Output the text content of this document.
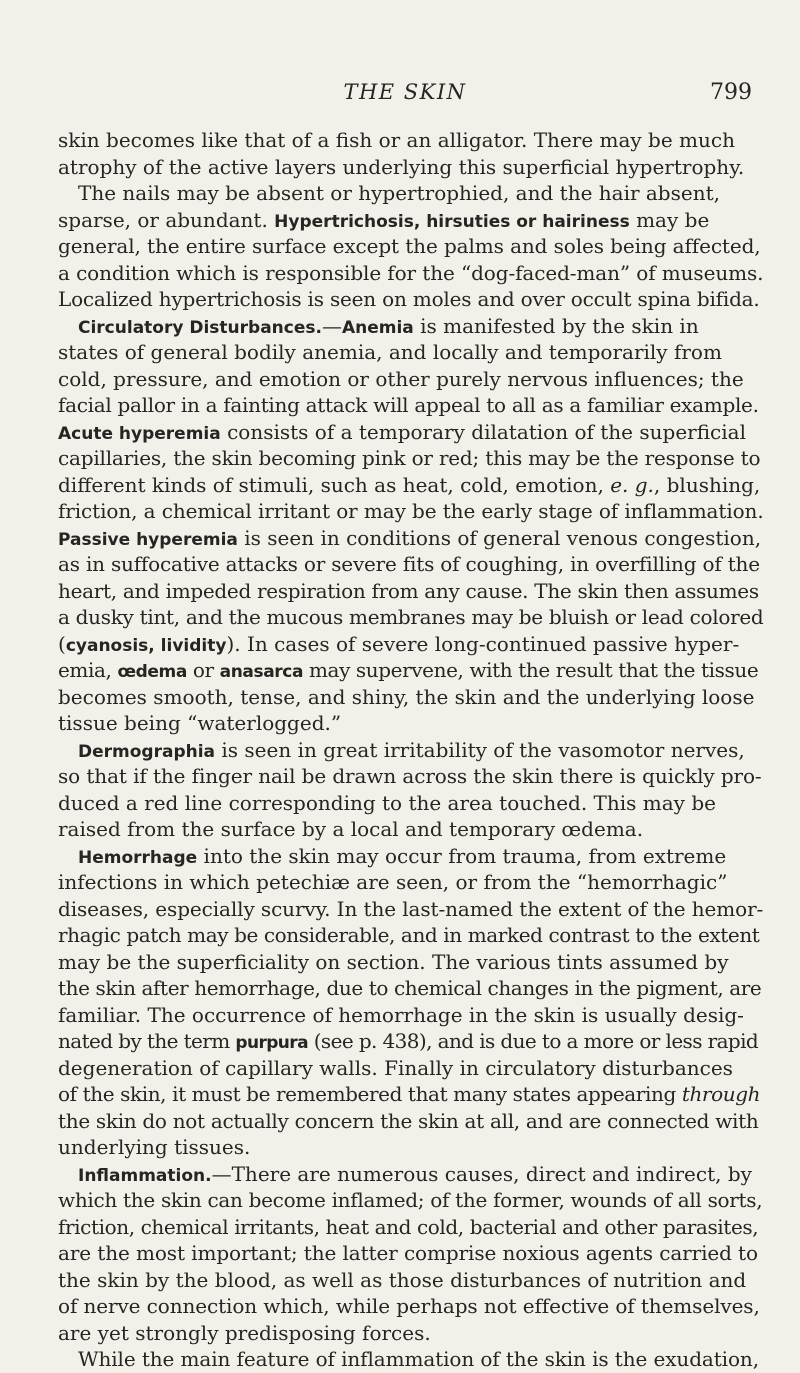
THE SKIN	799
skin becomes like that of a fish or an alligator. There may be much
atrophy of the active layers underlying this superficial hypertrophy.
The nails may be absent or hypertrophied, and the hair absent,
sparse, or abundant. Hypertrichosis, hirsuties or hairiness may be
general, the entire surface except the palms and soles being affected,
a condition which is responsible for the “dog-faced-man” of museums.
Localized hypertrichosis is seen on moles and over occult spina bifida.
Circulatory Disturbances.—Anemia is manifested by the skin in
states of general bodily anemia, and locally and temporarily from
cold, pressure, and emotion or other purely nervous influences; the
facial pallor in a fainting attack will appeal to all as a familiar example.
Acute hyperemia consists of a temporary dilatation of the superficial
capillaries, the skin becoming pink or red; this may be the response to
different kinds of stimuli, such as heat, cold, emotion, e. g., blushing,
friction, a chemical irritant or may be the early stage of inflammation.
Passive hyperemia is seen in conditions of general venous congestion,
as in suffocative attacks or severe fits of coughing, in overfilling of the
heart, and impeded respiration from any cause. The skin then assumes
a dusky tint, and the mucous membranes may be bluish or lead colored
(cyanosis, lividity). In cases of severe long-continued passive hyper-
emia, œdema or anasarca may supervene, with the result that the tissue
becomes smooth, tense, and shiny, the skin and the underlying loose
tissue being “waterlogged.”
Dermographia is seen in great irritability of the vasomotor nerves,
so that if the finger nail be drawn across the skin there is quickly pro-
duced a red line corresponding to the area touched. This may be
raised from the surface by a local and temporary œdema.
Hemorrhage into the skin may occur from trauma, from extreme
infections in which petechiæ are seen, or from the “hemorrhagic”
diseases, especially scurvy. In the last-named the extent of the hemor-
rhagic patch may be considerable, and in marked contrast to the extent
may be the superficiality on section. The various tints assumed by
the skin after hemorrhage, due to chemical changes in the pigment, are
familiar. The occurrence of hemorrhage in the skin is usually desig-
nated by the term purpura (see p. 438), and is due to a more or less rapid
degeneration of capillary walls. Finally in circulatory disturbances
of the skin, it must be remembered that many states appearing through
the skin do not actually concern the skin at all, and are connected with
underlying tissues.
Inflammation.—There are numerous causes, direct and indirect, by
which the skin can become inflamed; of the former, wounds of all sorts,
friction, chemical irritants, heat and cold, bacterial and other parasites,
are the most important; the latter comprise noxious agents carried to
the skin by the blood, as well as those disturbances of nutrition and
of nerve connection which, while perhaps not effective of themselves,
are yet strongly predisposing forces.
While the main feature of inflammation of the skin is the exudation,
